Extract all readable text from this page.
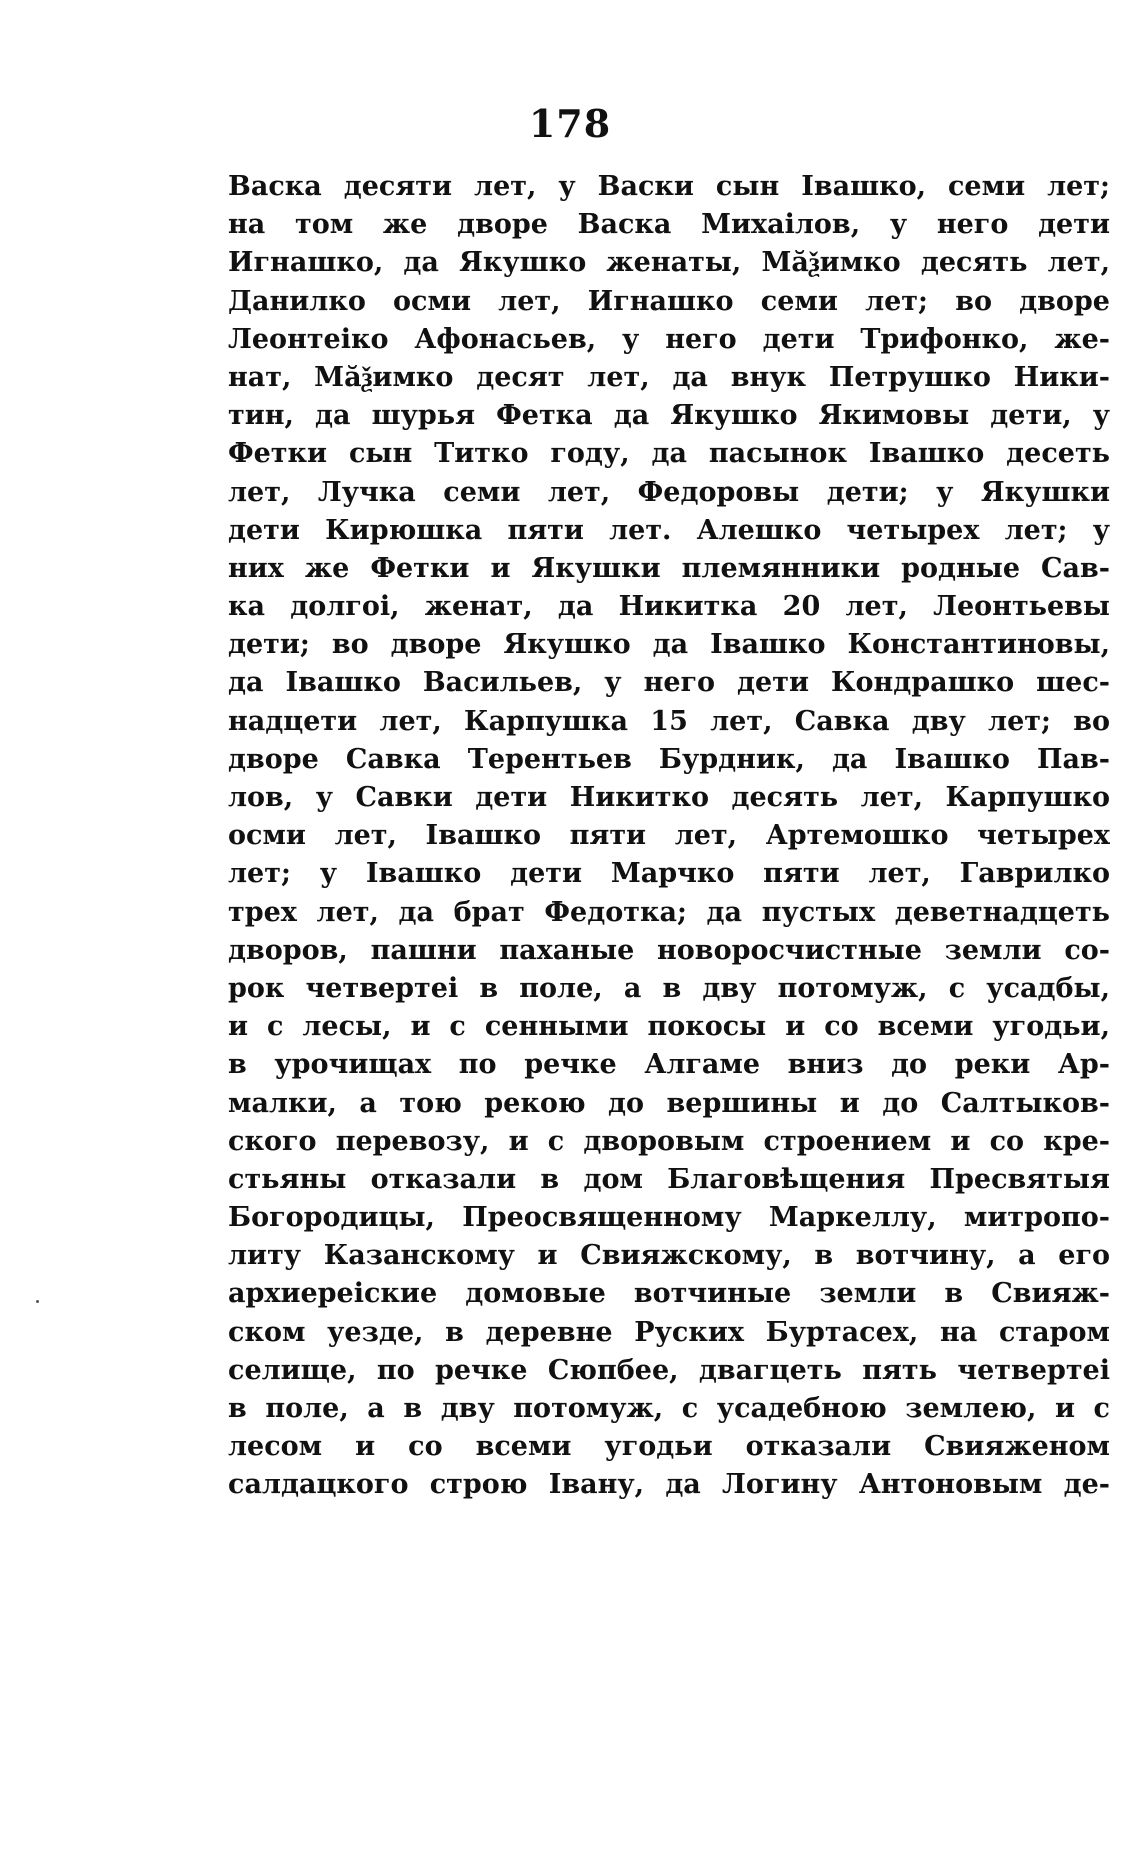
178
Васка десяти лет, у Васки сын Івашко, семи лет;
на том же дворе Васка Михаілов, у него дети
Игнашко, да Якушко женаты, Мӑѯимко десять лет,
Данилко осми лет, Игнашко семи лет; во дворе
Леонтеіко Афонасьев, у него дети Трифонко, же-
нат, Мӑѯимко десят лет, да внук Петрушко Ники-
тин, да шурья Фетка да Якушко Якимовы дети, у
Фетки сын Титко году, да пасынок Івашко десеть
лет, Лучка семи лет, Федоровы дети; у Якушки
дети Кирюшка пяти лет. Алешко четырех лет; у
них же Фетки и Якушки племянники родные Сав-
ка долгоі, женат, да Никитка 20 лет, Леонтьевы
дети; во дворе Якушко да Івашко Константиновы,
да Івашко Васильев, у него дети Кондрашко шес-
надцети лет, Карпушка 15 лет, Савка дву лет; во
дворе Савка Терентьев Бурдник, да Івашко Пав-
лов, у Савки дети Никитко десять лет, Карпушко
осми лет, Івашко пяти лет, Артемошко четырех
лет; у Івашко дети Марчко пяти лет, Гаврилко
трех лет, да брат Федотка; да пустых деветнадцеть
дворов, пашни паханые новоросчистные земли со-
рок четвертеі в поле, а в дву потомуж, с усадбы,
и с лесы, и с сенными покосы и со всеми угодьи,
в урочищах по речке Алгаме вниз до реки Ар-
малки, а тою рекою до вершины и до Салтыков-
ского перевозу, и с дворовым строением и со кре-
стьяны отказали в дом Благовѣщения Пресвятыя
Богородицы, Преосвященному Маркеллу, митропо-
литу Казанскому и Свияжскому, в вотчину, а его
архиереіские домовые вотчиные земли в Свияж-
ском уезде, в деревне Руских Буртасех, на старом
селище, по речке Сюпбее, двагцеть пять четвертеі
в поле, а в дву потомуж, с усадебною землею, и с
лесом и со всеми угодьи отказали Свияженом
салдацкого строю Івану, да Логину Антоновым де-
